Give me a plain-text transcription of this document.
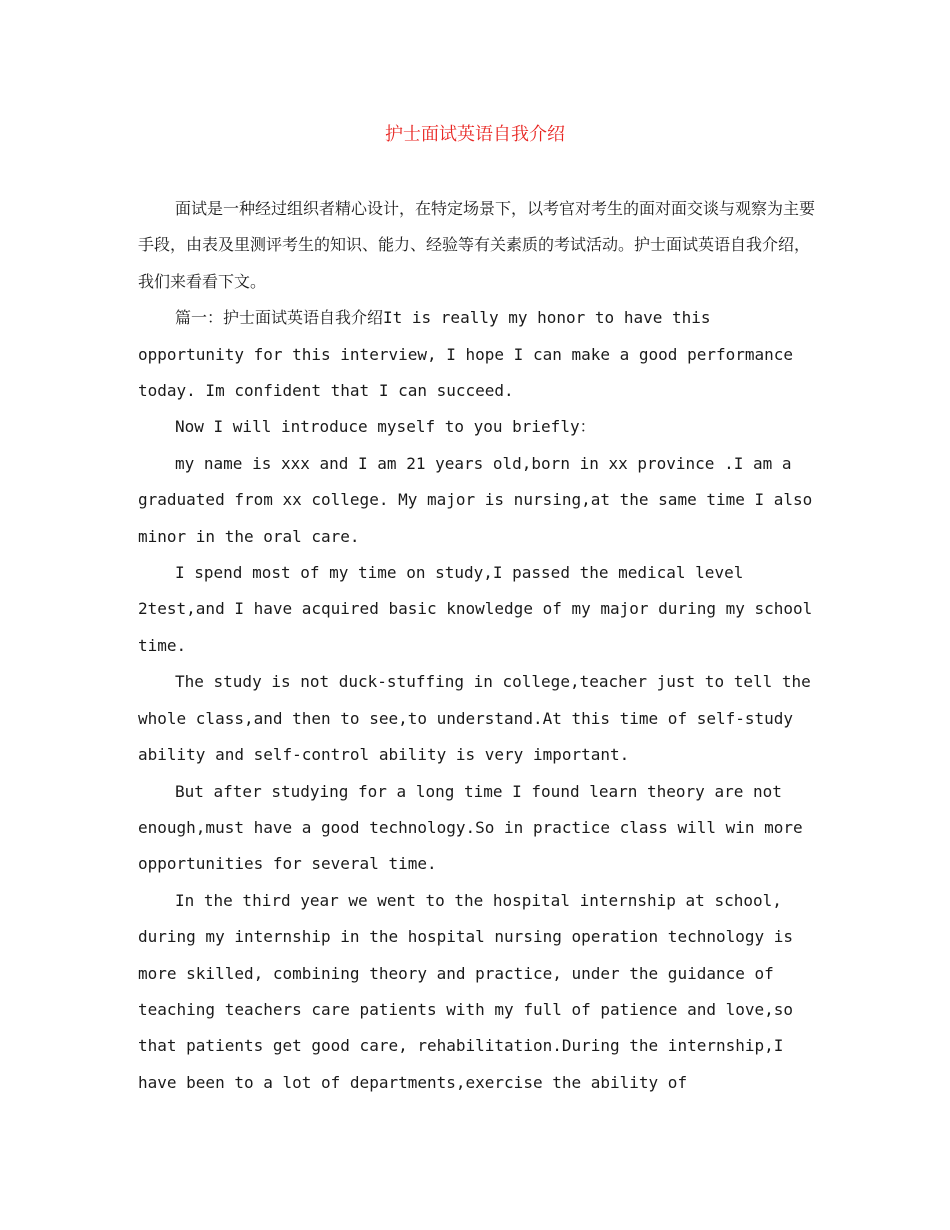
护士面试英语自我介绍

面试是一种经过组织者精心设计，在特定场景下，以考官对考生的面对面交谈与观察为主要手段，由表及里测评考生的知识、能力、经验等有关素质的考试活动。护士面试英语自我介绍，我们来看看下文。

篇一：护士面试英语自我介绍It is really my honor to have this opportunity for this interview, I hope I can make a good performance today. Im confident that I can succeed.

Now I will introduce myself to you briefly：

my name is xxx and I am 21 years old,born in xx province .I am a graduated from xx college. My major is nursing,at the same time I also minor in the oral care.

I spend most of my time on study,I passed the medical level 2test,and I have acquired basic knowledge of my major during my school time.

The study is not duck-stuffing in college,teacher just to tell the whole class,and then to see,to understand.At this time of self-study ability and self-control ability is very important.

But after studying for a long time I found learn theory are not enough,must have a good technology.So in practice class will win more opportunities for several time.

In the third year we went to the hospital internship at school, during my internship in the hospital nursing operation technology is more skilled, combining theory and practice, under the guidance of teaching teachers care patients with my full of patience and love,so that patients get good care, rehabilitation.During the internship,I have been to a lot of departments,exercise the ability of
